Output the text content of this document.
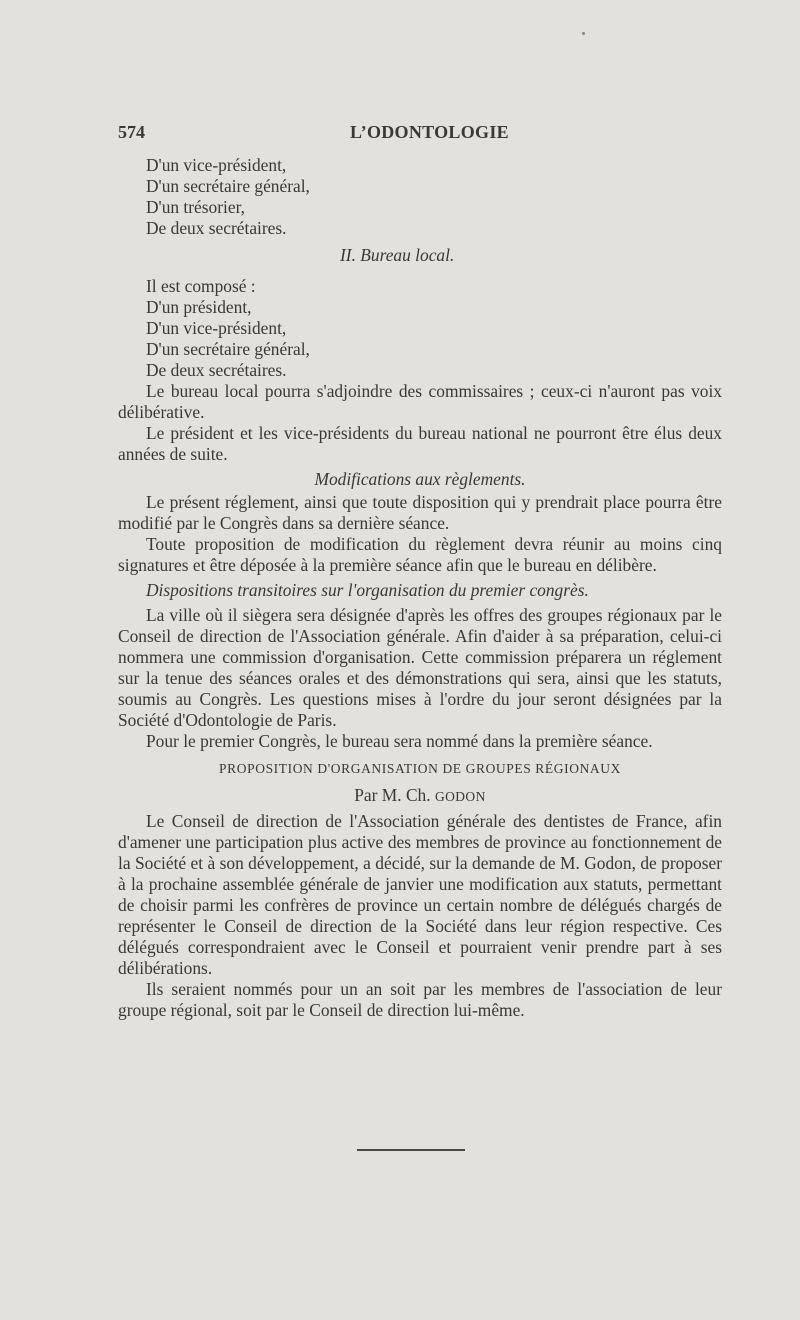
574	L’ODONTOLOGIE

D'un vice-président,

D'un secrétaire général,

D'un trésorier,

De deux secrétaires.

II. Bureau local.

Il est composé :

D'un président,

D'un vice-président,

D'un secrétaire général,

De deux secrétaires.

Le bureau local pourra s'adjoindre des commissaires ; ceux-ci n'auront pas voix délibérative.

Le président et les vice-présidents du bureau national ne pourront être élus deux années de suite.

Modifications aux règlements.

Le présent réglement, ainsi que toute disposition qui y prendrait place pourra être modifié par le Congrès dans sa dernière séance.

Toute proposition de modification du règlement devra réunir au moins cinq signatures et être déposée à la première séance afin que le bureau en délibère.

Dispositions transitoires sur l'organisation du premier congrès.

La ville où il siègera sera désignée d'après les offres des groupes régionaux par le Conseil de direction de l'Association générale. Afin d'aider à sa préparation, celui-ci nommera une commission d'organisation. Cette commission préparera un réglement sur la tenue des séances orales et des démonstrations qui sera, ainsi que les statuts, soumis au Congrès. Les questions mises à l'ordre du jour seront désignées par la Société d'Odontologie de Paris.

Pour le premier Congrès, le bureau sera nommé dans la première séance.

PROPOSITION D'ORGANISATION DE GROUPES RÉGIONAUX

Par M. Ch. GODON

Le Conseil de direction de l'Association générale des dentistes de France, afin d'amener une participation plus active des membres de province au fonctionnement de la Société et à son développement, a décidé, sur la demande de M. Godon, de proposer à la prochaine assemblée générale de janvier une modification aux statuts, permettant de choisir parmi les confrères de province un certain nombre de délégués chargés de représenter le Conseil de direction de la Société dans leur région respective. Ces délégués correspondraient avec le Conseil et pourraient venir prendre part à ses délibérations.

Ils seraient nommés pour un an soit par les membres de l'association de leur groupe régional, soit par le Conseil de direction lui-même.
